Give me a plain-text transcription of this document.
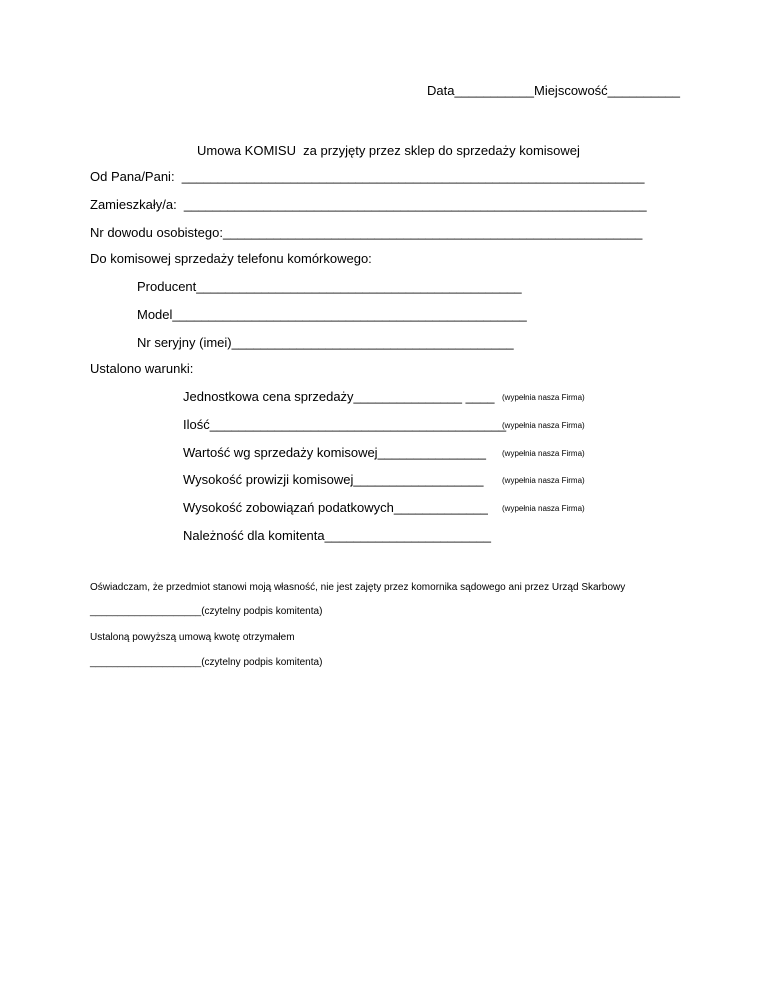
Data___________Miejscowość__________
Umowa KOMISU  za przyjęty przez sklep do sprzedaży komisowej
Od Pana/Pani:  ________________________________________________________________
Zamieszkały/a:  ________________________________________________________________
Nr dowodu osobistego:__________________________________________________________
Do komisowej sprzedaży telefonu komórkowego:
Producent_____________________________________________
Model_________________________________________________
Nr seryjny (imei)_______________________________________
Ustalono warunki:
Jednostkowa cena sprzedaży_______________ ____ (wypełnia nasza Firma)
Ilość_________________________________________
(wypełnia nasza Firma)
Wartość wg sprzedaży komisowej_______________ (wypełnia nasza Firma)
Wysokość prowizji komisowej__________________ (wypełnia nasza Firma)
Wysokość zobowiązań podatkowych_____________ (wypełnia nasza Firma)
Należność dla komitenta_______________________
Oświadczam, że przedmiot stanowi moją własność, nie jest zajęty przez komornika sądowego ani przez Urząd Skarbowy
____________________(czytelny podpis komitenta)
Ustaloną powyższą umową kwotę otrzymałem
____________________(czytelny podpis komitenta)
